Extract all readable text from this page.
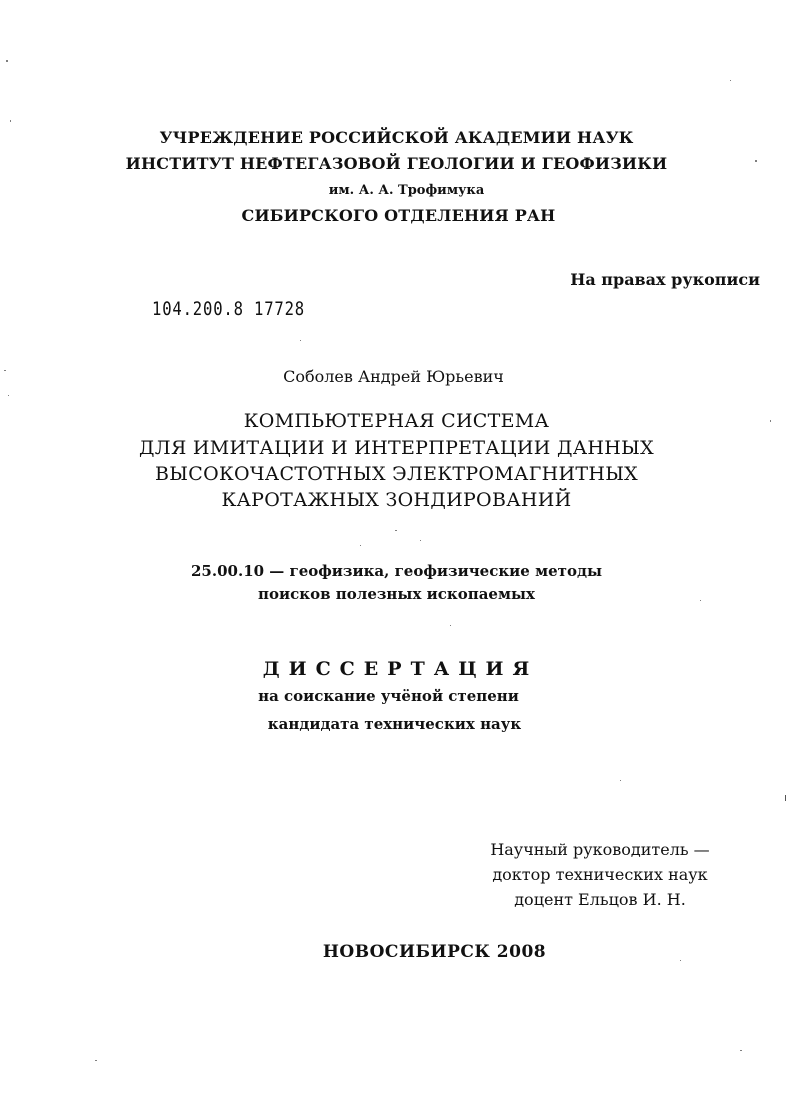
УЧРЕЖДЕНИЕ РОССИЙСКОЙ АКАДЕМИИ НАУК
ИНСТИТУТ НЕФТЕГАЗОВОЙ ГЕОЛОГИИ И ГЕОФИЗИКИ
им. А. А. Трофимука
СИБИРСКОГО ОТДЕЛЕНИЯ РАН
На правах рукописи
104.200.8 17728
Соболев Андрей Юрьевич
КОМПЬЮТЕРНАЯ СИСТЕМА
ДЛЯ ИМИТАЦИИ И ИНТЕРПРЕТАЦИИ ДАННЫХ
ВЫСОКОЧАСТОТНЫХ ЭЛЕКТРОМАГНИТНЫХ
КАРОТАЖНЫХ ЗОНДИРОВАНИЙ
25.00.10 — геофизика, геофизические методы
поисков полезных ископаемых
ДИССЕРТАЦИЯ
на соискание учёной степени
кандидата технических наук
Научный руководитель —
доктор технических наук
доцент Ельцов И. Н.
НОВОСИБИРСК 2008
